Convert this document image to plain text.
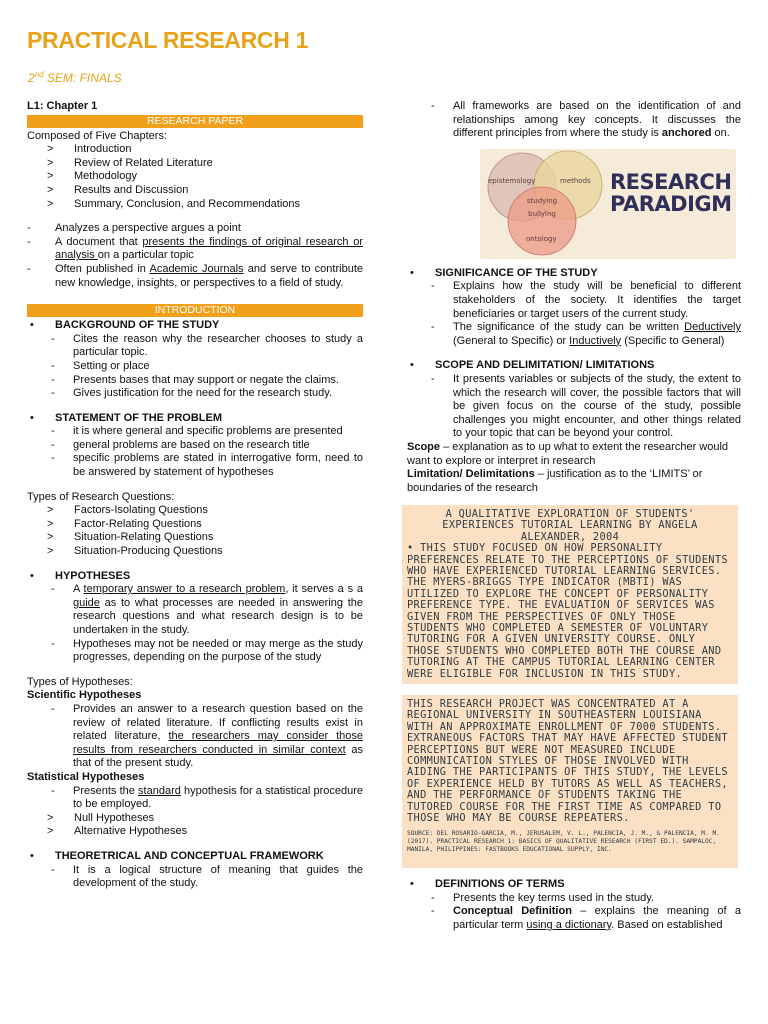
PRACTICAL RESEARCH 1
2nd SEM: FINALS
L1: Chapter 1
RESEARCH PAPER
Composed of Five Chapters:
>	Introduction
>	Review of Related Literature
>	Methodology
>	Results and Discussion
>	Summary, Conclusion, and Recommendations
-	Analyzes a perspective argues a point
-	A document that presents the findings of original research or analysis on a particular topic
-	Often published in Academic Journals and serve to contribute new knowledge, insights, or perspectives to a field of study.
INTRODUCTION
•	BACKGROUND OF THE STUDY
-	Cites the reason why the researcher chooses to study a particular topic.
-	Setting or place
-	Presents bases that may support or negate the claims.
-	Gives justification for the need for the research study.
•	STATEMENT OF THE PROBLEM
-	it is where general and specific problems are presented
-	general problems are based on the research title
-	specific problems are stated in interrogative form, need to be answered by statement of hypotheses
Types of Research Questions:
>	Factors-Isolating Questions
>	Factor-Relating Questions
>	Situation-Relating Questions
>	Situation-Producing Questions
•	HYPOTHESES
-	A temporary answer to a research problem, it serves a s a guide as to what processes are needed in answering the research questions and what research design is to be undertaken in the study.
-	Hypotheses may not be needed or may merge as the study progresses, depending on the purpose of the study
Types of Hypotheses:
Scientific Hypotheses
-	Provides an answer to a research question based on the review of related literature. If conflicting results exist in related literature, the researchers may consider those results from researchers conducted in similar context as that of the present study.
Statistical Hypotheses
-	Presents the standard hypothesis for a statistical procedure to be employed.
>	Null Hypotheses
>	Alternative Hypotheses
•	THEORETRICAL AND CONCEPTUAL FRAMEWORK
-	It is a logical structure of meaning that guides the development of the study.
-	All frameworks are based on the identification of and relationships among key concepts. It discusses the different principles from where the study is anchored on.
epistemology	methods
studying bullying
ontology
RESEARCH
PARADIGM
•	SIGNIFICANCE OF THE STUDY
-	Explains how the study will be beneficial to different stakeholders of the society. It identifies the target beneficiaries or target users of the current study.
-	The significance of the study can be written Deductively (General to Specific) or Inductively (Specific to General)
•	SCOPE AND DELIMITATION/ LIMITATIONS
-	It presents variables or subjects of the study, the extent to which the research will cover, the possible factors that will be given focus on the course of the study, possible challenges you might encounter, and other things related to your topic that can be beyond your control.
Scope – explanation as to up what to extent the researcher would want to explore or interpret in research
Limitation/ Delimitations – justification as to the ‘LIMITS’ or boundaries of the research
A QUALITATIVE EXPLORATION OF STUDENTS' EXPERIENCES TUTORIAL LEARNING BY ANGELA ALEXANDER, 2004
• THIS STUDY FOCUSED ON HOW PERSONALITY PREFERENCES RELATE TO THE PERCEPTIONS OF STUDENTS WHO HAVE EXPERIENCED TUTORIAL LEARNING SERVICES. THE MYERS-BRIGGS TYPE INDICATOR (MBTI) WAS UTILIZED TO EXPLORE THE CONCEPT OF PERSONALITY PREFERENCE TYPE. THE EVALUATION OF SERVICES WAS GIVEN FROM THE PERSPECTIVES OF ONLY THOSE STUDENTS WHO COMPLETED A SEMESTER OF VOLUNTARY TUTORING FOR A GIVEN UNIVERSITY COURSE. ONLY THOSE STUDENTS WHO COMPLETED BOTH THE COURSE AND TUTORING AT THE CAMPUS TUTORIAL LEARNING CENTER WERE ELIGIBLE FOR INCLUSION IN THIS STUDY.
THIS RESEARCH PROJECT WAS CONCENTRATED AT A REGIONAL UNIVERSITY IN SOUTHEASTERN LOUISIANA WITH AN APPROXIMATE ENROLLMENT OF 7000 STUDENTS. EXTRANEOUS FACTORS THAT MAY HAVE AFFECTED STUDENT PERCEPTIONS BUT WERE NOT MEASURED INCLUDE COMMUNICATION STYLES OF THOSE INVOLVED WITH AIDING THE PARTICIPANTS OF THIS STUDY, THE LEVELS OF EXPERIENCE HELD BY TUTORS AS WELL AS TEACHERS, AND THE PERFORMANCE OF STUDENTS TAKING THE TUTORED COURSE FOR THE FIRST TIME AS COMPARED TO THOSE WHO MAY BE COURSE REPEATERS.
SOURCE: DEL ROSARIO-GARCIA, M., JERUSALEM, V. L., PALENCIA, J. M., & PALENCIA, M. M. (2017). PRACTICAL RESEARCH 1: BASICS OF QUALITATIVE RESEARCH (FIRST ED.). SAMPALOC, MANILA, PHILIPPINES: FASTBOOKS EDUCATIONAL SUPPLY, INC.
•	DEFINITIONS OF TERMS
-	Presents the key terms used in the study.
-	Conceptual Definition – explains the meaning of a particular term using a dictionary. Based on established
